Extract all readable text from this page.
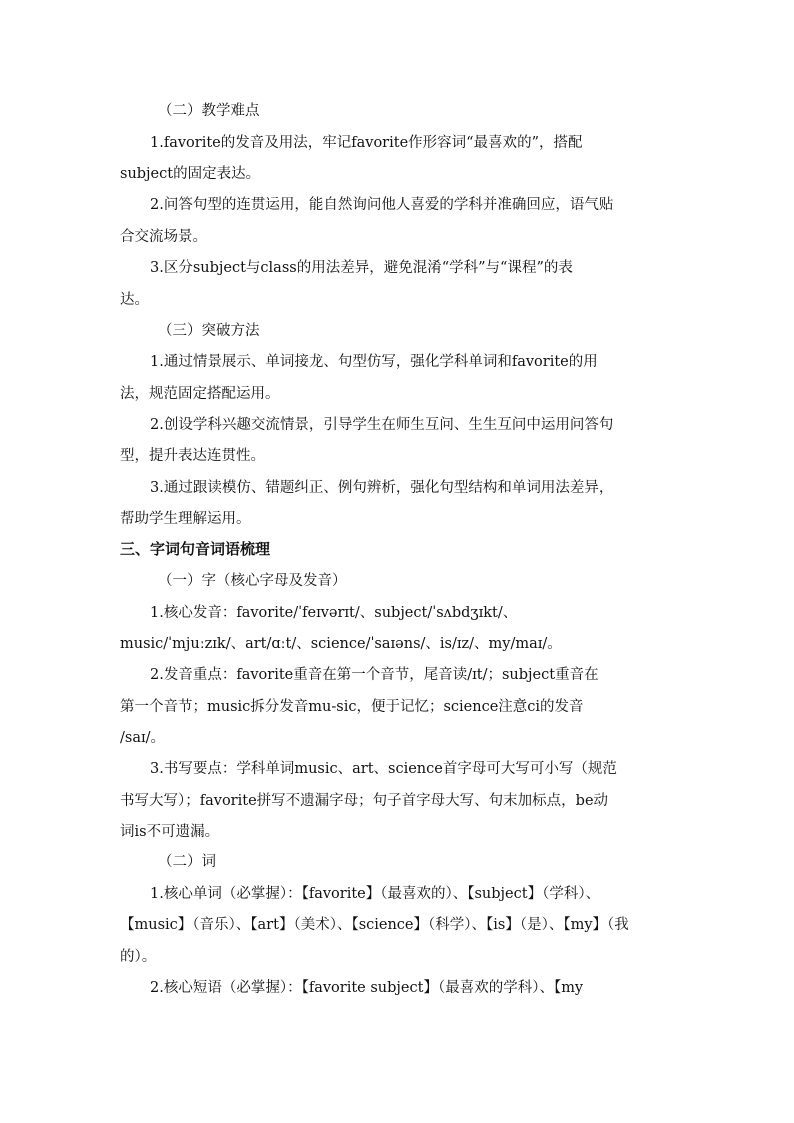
（二）教学难点
1.favorite的发音及用法，牢记favorite作形容词“最喜欢的”，搭配
subject的固定表达。
2.问答句型的连贯运用，能自然询问他人喜爱的学科并准确回应，语气贴
合交流场景。
3.区分subject与class的用法差异，避免混淆“学科”与“课程”的表
达。
（三）突破方法
1.通过情景展示、单词接龙、句型仿写，强化学科单词和favorite的用
法，规范固定搭配运用。
2.创设学科兴趣交流情景，引导学生在师生互问、生生互问中运用问答句
型，提升表达连贯性。
3.通过跟读模仿、错题纠正、例句辨析，强化句型结构和单词用法差异，
帮助学生理解运用。
三、字词句音词语梳理
（一）字（核心字母及发音）
1.核心发音：favorite/ˈfeɪvərɪt/、subject/ˈsʌbdʒɪkt/、
music/ˈmjuːzɪk/、art/ɑːt/、science/ˈsaɪəns/、is/ɪz/、my/maɪ/。
2.发音重点：favorite重音在第一个音节，尾音读/ɪt/；subject重音在
第一个音节；music拆分发音mu-sic，便于记忆；science注意ci的发音
/saɪ/。
3.书写要点：学科单词music、art、science首字母可大写可小写（规范
书写大写）；favorite拼写不遗漏字母；句子首字母大写、句末加标点，be动
词is不可遗漏。
（二）词
1.核心单词（必掌握）：【favorite】（最喜欢的）、【subject】（学科）、
【music】（音乐）、【art】（美术）、【science】（科学）、【is】（是）、【my】（我
的）。
2.核心短语（必掌握）：【favorite subject】（最喜欢的学科）、【my
